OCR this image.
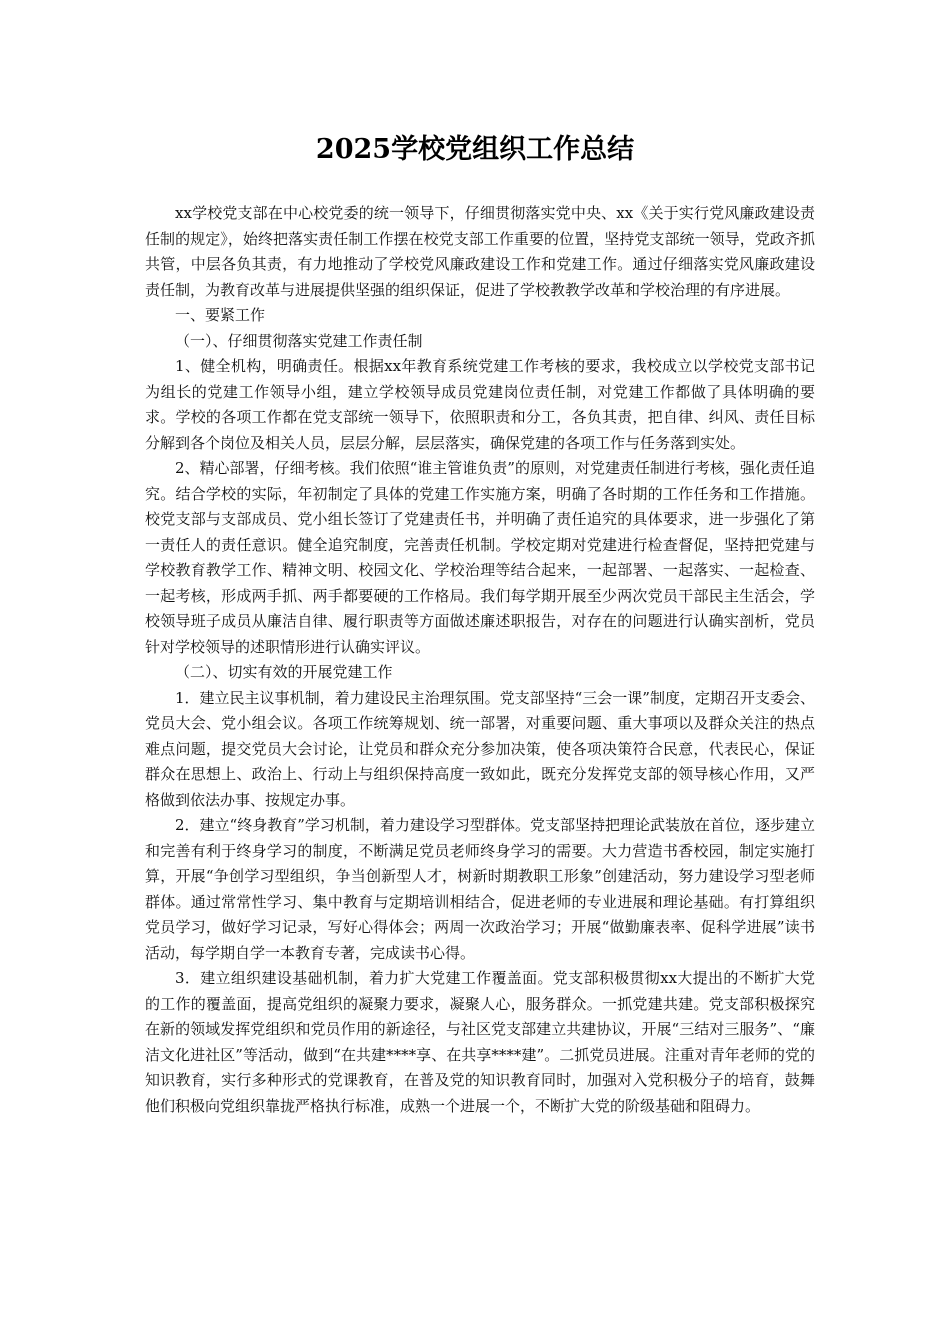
2025学校党组织工作总结

xx学校党支部在中心校党委的统一领导下，仔细贯彻落实党中央、xx《关于实行党风廉政建设责任制的规定》，始终把落实责任制工作摆在校党支部工作重要的位置，坚持党支部统一领导，党政齐抓共管，中层各负其责，有力地推动了学校党风廉政建设工作和党建工作。通过仔细落实党风廉政建设责任制，为教育改革与进展提供坚强的组织保证，促进了学校教教学改革和学校治理的有序进展。

一、要紧工作

（一）、仔细贯彻落实党建工作责任制

1、健全机构，明确责任。根据xx年教育系统党建工作考核的要求，我校成立以学校党支部书记为组长的党建工作领导小组，建立学校领导成员党建岗位责任制，对党建工作都做了具体明确的要求。学校的各项工作都在党支部统一领导下，依照职责和分工，各负其责，把自律、纠风、责任目标分解到各个岗位及相关人员，层层分解，层层落实，确保党建的各项工作与任务落到实处。

2、精心部署，仔细考核。我们依照“谁主管谁负责”的原则，对党建责任制进行考核，强化责任追究。结合学校的实际，年初制定了具体的党建工作实施方案，明确了各时期的工作任务和工作措施。校党支部与支部成员、党小组长签订了党建责任书，并明确了责任追究的具体要求，进一步强化了第一责任人的责任意识。健全追究制度，完善责任机制。学校定期对党建进行检查督促，坚持把党建与学校教育教学工作、精神文明、校园文化、学校治理等结合起来，一起部署、一起落实、一起检查、一起考核，形成两手抓、两手都要硬的工作格局。我们每学期开展至少两次党员干部民主生活会，学校领导班子成员从廉洁自律、履行职责等方面做述廉述职报告，对存在的问题进行认确实剖析，党员针对学校领导的述职情形进行认确实评议。

（二）、切实有效的开展党建工作

1．建立民主议事机制，着力建设民主治理氛围。党支部坚持“三会一课”制度，定期召开支委会、党员大会、党小组会议。各项工作统筹规划、统一部署，对重要问题、重大事项以及群众关注的热点难点问题，提交党员大会讨论，让党员和群众充分参加决策，使各项决策符合民意，代表民心，保证群众在思想上、政治上、行动上与组织保持高度一致如此，既充分发挥党支部的领导核心作用，又严格做到依法办事、按规定办事。

2．建立“终身教育”学习机制，着力建设学习型群体。党支部坚持把理论武装放在首位，逐步建立和完善有利于终身学习的制度，不断满足党员老师终身学习的需要。大力营造书香校园，制定实施打算，开展“争创学习型组织，争当创新型人才，树新时期教职工形象”创建活动，努力建设学习型老师群体。通过常常性学习、集中教育与定期培训相结合，促进老师的专业进展和理论基础。有打算组织党员学习，做好学习记录，写好心得体会；两周一次政治学习；开展“做勤廉表率、促科学进展”读书活动，每学期自学一本教育专著，完成读书心得。

3．建立组织建设基础机制，着力扩大党建工作覆盖面。党支部积极贯彻xx大提出的不断扩大党的工作的覆盖面，提高党组织的凝聚力要求，凝聚人心，服务群众。一抓党建共建。党支部积极探究在新的领域发挥党组织和党员作用的新途径，与社区党支部建立共建协议，开展“三结对三服务”、“廉洁文化进社区”等活动，做到“在共建****享、在共享****建”。二抓党员进展。注重对青年老师的党的知识教育，实行多种形式的党课教育，在普及党的知识教育同时，加强对入党积极分子的培育，鼓舞他们积极向党组织靠拢严格执行标准，成熟一个进展一个，不断扩大党的阶级基础和阻碍力。
